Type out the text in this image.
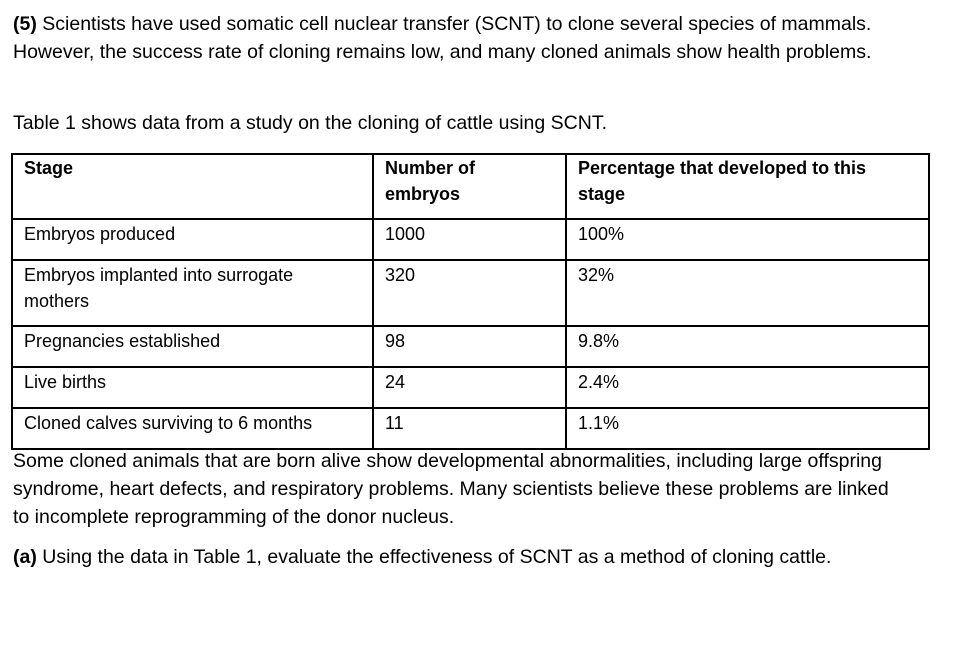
(5) Scientists have used somatic cell nuclear transfer (SCNT) to clone several species of mammals. However, the success rate of cloning remains low, and many cloned animals show health problems.

Table 1 shows data from a study on the cloning of cattle using SCNT.

Stage	Number of embryos	Percentage that developed to this stage
Embryos produced	1000	100%
Embryos implanted into surrogate mothers	320	32%
Pregnancies established	98	9.8%
Live births	24	2.4%
Cloned calves surviving to 6 months	11	1.1%

Some cloned animals that are born alive show developmental abnormalities, including large offspring syndrome, heart defects, and respiratory problems. Many scientists believe these problems are linked to incomplete reprogramming of the donor nucleus.

(a) Using the data in Table 1, evaluate the effectiveness of SCNT as a method of cloning cattle.
